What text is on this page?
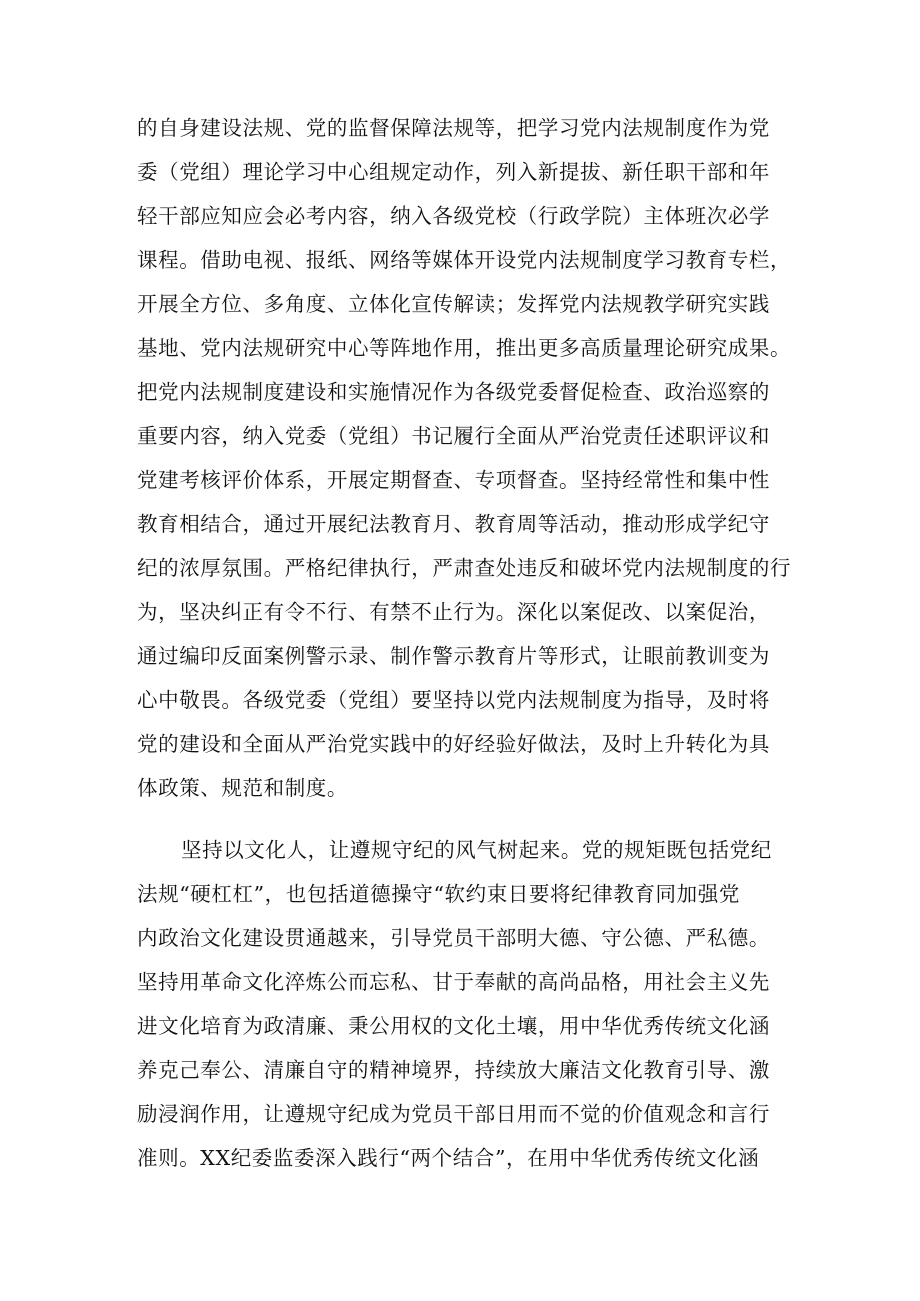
的自身建设法规、党的监督保障法规等，把学习党内法规制度作为党
委（党组）理论学习中心组规定动作，列入新提拔、新任职干部和年
轻干部应知应会必考内容，纳入各级党校（行政学院）主体班次必学
课程。借助电视、报纸、网络等媒体开设党内法规制度学习教育专栏，
开展全方位、多角度、立体化宣传解读；发挥党内法规教学研究实践
基地、党内法规研究中心等阵地作用，推出更多高质量理论研究成果。
把党内法规制度建设和实施情况作为各级党委督促检查、政治巡察的
重要内容，纳入党委（党组）书记履行全面从严治党责任述职评议和
党建考核评价体系，开展定期督查、专项督查。坚持经常性和集中性
教育相结合，通过开展纪法教育月、教育周等活动，推动形成学纪守
纪的浓厚氛围。严格纪律执行，严肃查处违反和破坏党内法规制度的行
为，坚决纠正有令不行、有禁不止行为。深化以案促改、以案促治，
通过编印反面案例警示录、制作警示教育片等形式，让眼前教训变为
心中敬畏。各级党委（党组）要坚持以党内法规制度为指导，及时将
党的建设和全面从严治党实践中的好经验好做法，及时上升转化为具
体政策、规范和制度。
坚持以文化人，让遵规守纪的风气树起来。党的规矩既包括党纪
法规“硬杠杠”，也包括道德操守“软约束日要将纪律教育同加强党
内政治文化建设贯通越来，引导党员干部明大德、守公德、严私德。
坚持用革命文化淬炼公而忘私、甘于奉献的高尚品格，用社会主义先
进文化培育为政清廉、秉公用权的文化土壤，用中华优秀传统文化涵
养克己奉公、清廉自守的精神境界，持续放大廉洁文化教育引导、激
励浸润作用，让遵规守纪成为党员干部日用而不觉的价值观念和言行
准则。XX纪委监委深入践行“两个结合”，在用中华优秀传统文化涵
